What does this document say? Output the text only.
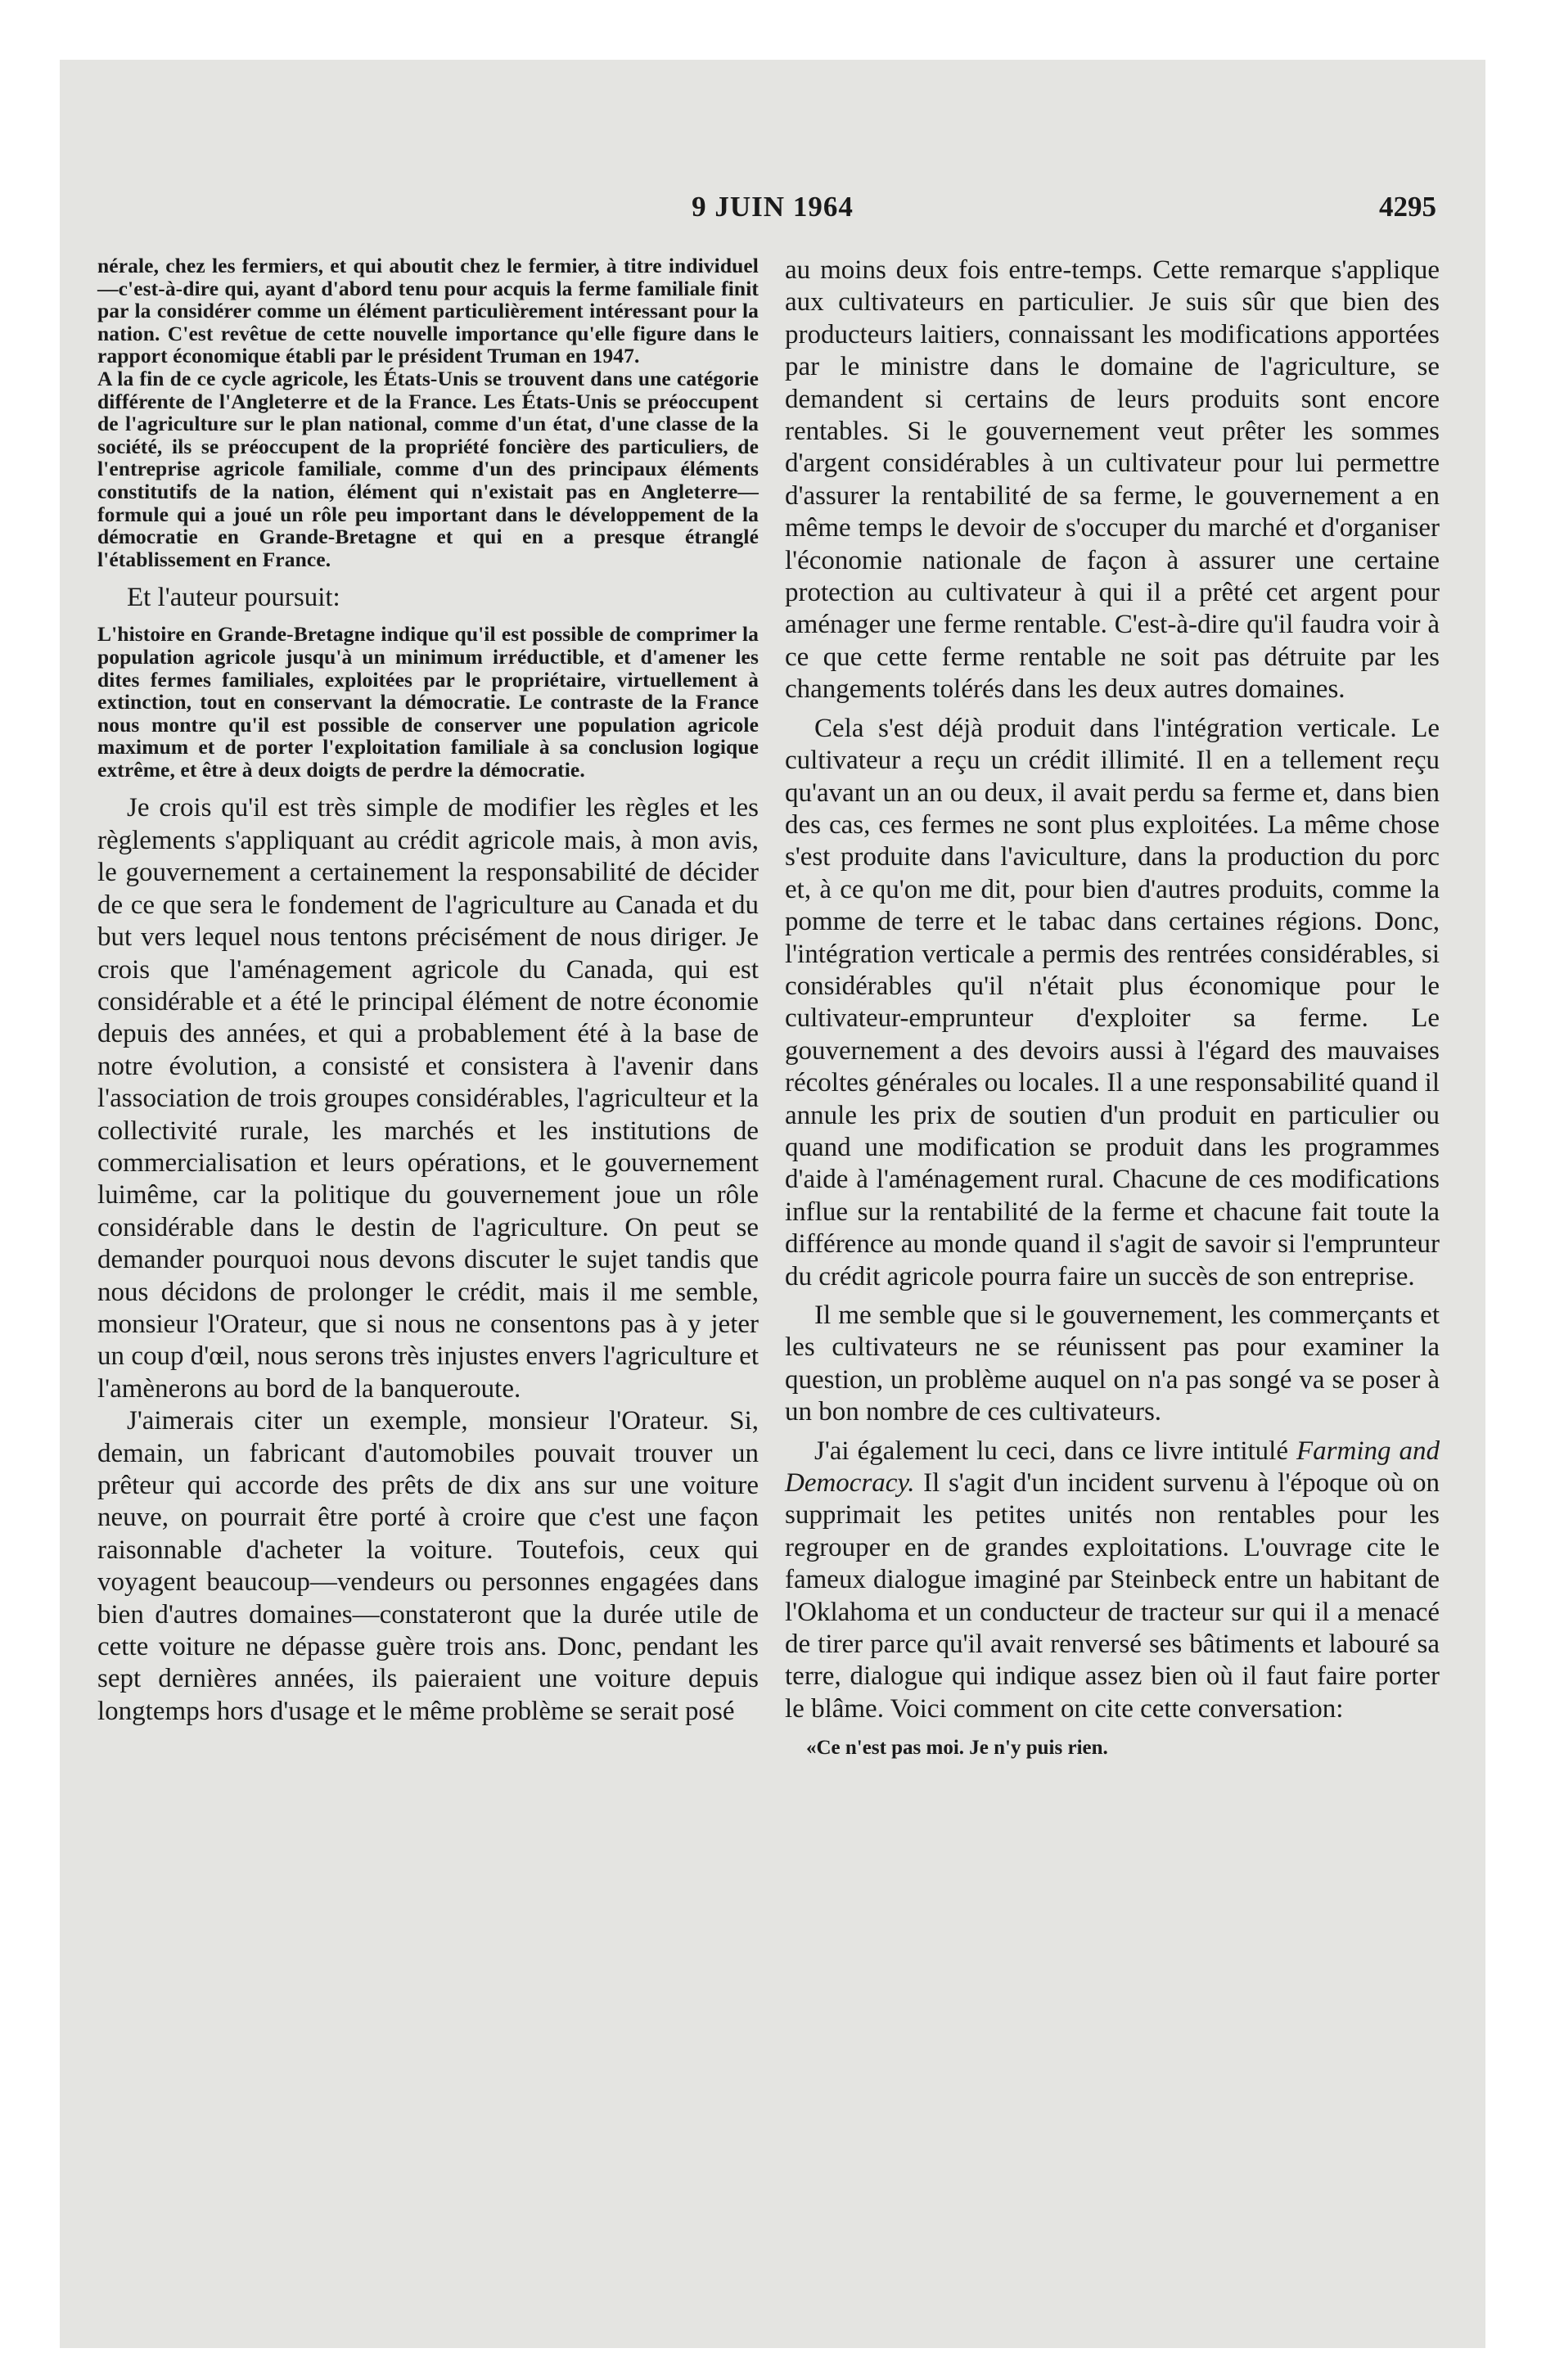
9 JUIN 1964	4295

nérale, chez les fermiers, et qui aboutit chez le fermier, à titre individuel—c'est-à-dire qui, ayant d'abord tenu pour acquis la ferme familiale finit par la considérer comme un élément particulièrement intéressant pour la nation. C'est revêtue de cette nouvelle importance qu'elle figure dans le rapport économique établi par le président Truman en 1947.

A la fin de ce cycle agricole, les États-Unis se trouvent dans une catégorie différente de l'Angleterre et de la France. Les États-Unis se préoccupent de l'agriculture sur le plan national, comme d'un état, d'une classe de la société, ils se préoccupent de la propriété foncière des particuliers, de l'entreprise agricole familiale, comme d'un des principaux éléments constitutifs de la nation, élément qui n'existait pas en Angleterre—formule qui a joué un rôle peu important dans le développement de la démocratie en Grande-Bretagne et qui en a presque étranglé l'établissement en France.

Et l'auteur poursuit:

L'histoire en Grande-Bretagne indique qu'il est possible de comprimer la population agricole jusqu'à un minimum irréductible, et d'amener les dites fermes familiales, exploitées par le propriétaire, virtuellement à extinction, tout en conservant la démocratie. Le contraste de la France nous montre qu'il est possible de conserver une population agricole maximum et de porter l'exploitation familiale à sa conclusion logique extrême, et être à deux doigts de perdre la démocratie.

Je crois qu'il est très simple de modifier les règles et les règlements s'appliquant au crédit agricole mais, à mon avis, le gouvernement a certainement la responsabilité de décider de ce que sera le fondement de l'agriculture au Canada et du but vers lequel nous tentons précisément de nous diriger. Je crois que l'aménagement agricole du Canada, qui est considérable et a été le principal élément de notre économie depuis des années, et qui a probablement été à la base de notre évolution, a consisté et consistera à l'avenir dans l'association de trois groupes considérables, l'agriculteur et la collectivité rurale, les marchés et les institutions de commercialisation et leurs opérations, et le gouvernement luimême, car la politique du gouvernement joue un rôle considérable dans le destin de l'agriculture. On peut se demander pourquoi nous devons discuter le sujet tandis que nous décidons de prolonger le crédit, mais il me semble, monsieur l'Orateur, que si nous ne consentons pas à y jeter un coup d'œil, nous serons très injustes envers l'agriculture et l'amènerons au bord de la banqueroute.

J'aimerais citer un exemple, monsieur l'Orateur. Si, demain, un fabricant d'automobiles pouvait trouver un prêteur qui accorde des prêts de dix ans sur une voiture neuve, on pourrait être porté à croire que c'est une façon raisonnable d'acheter la voiture. Toutefois, ceux qui voyagent beaucoup—vendeurs ou personnes engagées dans bien d'autres domaines—constateront que la durée utile de cette voiture ne dépasse guère trois ans. Donc, pendant les sept dernières années, ils paieraient une voiture depuis longtemps hors d'usage et le même problème se serait posé

au moins deux fois entre-temps. Cette remarque s'applique aux cultivateurs en particulier. Je suis sûr que bien des producteurs laitiers, connaissant les modifications apportées par le ministre dans le domaine de l'agriculture, se demandent si certains de leurs produits sont encore rentables. Si le gouvernement veut prêter les sommes d'argent considérables à un cultivateur pour lui permettre d'assurer la rentabilité de sa ferme, le gouvernement a en même temps le devoir de s'occuper du marché et d'organiser l'économie nationale de façon à assurer une certaine protection au cultivateur à qui il a prêté cet argent pour aménager une ferme rentable. C'est-à-dire qu'il faudra voir à ce que cette ferme rentable ne soit pas détruite par les changements tolérés dans les deux autres domaines.

Cela s'est déjà produit dans l'intégration verticale. Le cultivateur a reçu un crédit illimité. Il en a tellement reçu qu'avant un an ou deux, il avait perdu sa ferme et, dans bien des cas, ces fermes ne sont plus exploitées. La même chose s'est produite dans l'aviculture, dans la production du porc et, à ce qu'on me dit, pour bien d'autres produits, comme la pomme de terre et le tabac dans certaines régions. Donc, l'intégration verticale a permis des rentrées considérables, si considérables qu'il n'était plus économique pour le cultivateur-emprunteur d'exploiter sa ferme. Le gouvernement a des devoirs aussi à l'égard des mauvaises récoltes générales ou locales. Il a une responsabilité quand il annule les prix de soutien d'un produit en particulier ou quand une modification se produit dans les programmes d'aide à l'aménagement rural. Chacune de ces modifications influe sur la rentabilité de la ferme et chacune fait toute la différence au monde quand il s'agit de savoir si l'emprunteur du crédit agricole pourra faire un succès de son entreprise.

Il me semble que si le gouvernement, les commerçants et les cultivateurs ne se réunissent pas pour examiner la question, un problème auquel on n'a pas songé va se poser à un bon nombre de ces cultivateurs.

J'ai également lu ceci, dans ce livre intitulé Farming and Democracy. Il s'agit d'un incident survenu à l'époque où on supprimait les petites unités non rentables pour les regrouper en de grandes exploitations. L'ouvrage cite le fameux dialogue imaginé par Steinbeck entre un habitant de l'Oklahoma et un conducteur de tracteur sur qui il a menacé de tirer parce qu'il avait renversé ses bâtiments et labouré sa terre, dialogue qui indique assez bien où il faut faire porter le blâme. Voici comment on cite cette conversation:

«Ce n'est pas moi. Je n'y puis rien.
